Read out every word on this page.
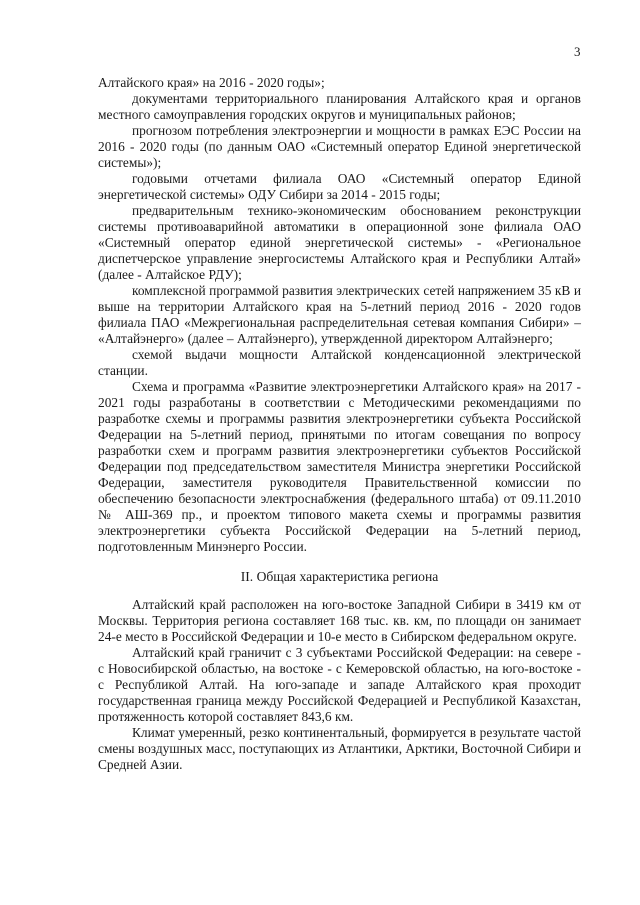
3

Алтайского края» на 2016 - 2020 годы»;

документами территориального планирования Алтайского края и органов местного самоуправления городских округов и муниципальных районов;

прогнозом потребления электроэнергии и мощности в рамках ЕЭС России на 2016 - 2020 годы (по данным ОАО «Системный оператор Единой энергетической системы»);

годовыми отчетами филиала ОАО «Системный оператор Единой энергетической системы» ОДУ Сибири за 2014 - 2015 годы;

предварительным технико-экономическим обоснованием реконструкции системы противоаварийной автоматики в операционной зоне филиала ОАО «Системный оператор единой энергетической системы» - «Региональное диспетчерское управление энергосистемы Алтайского края и Республики Алтай» (далее - Алтайское РДУ);

комплексной программой развития электрических сетей напряжением 35 кВ и выше на территории Алтайского края на 5-летний период 2016 - 2020 годов филиала ПАО «Межрегиональная распределительная сетевая компания Сибири» – «Алтайэнерго» (далее – Алтайэнерго), утвержденной директором Алтайэнерго;

схемой выдачи мощности Алтайской конденсационной электрической станции.

Схема и программа «Развитие электроэнергетики Алтайского края» на 2017 - 2021 годы разработаны в соответствии с Методическими рекомендациями по разработке схемы и программы развития электроэнергетики субъекта Российской Федерации на 5-летний период, принятыми по итогам совещания по вопросу разработки схем и программ развития электроэнергетики субъектов Российской Федерации под председательством заместителя Министра энергетики Российской Федерации, заместителя руководителя Правительственной комиссии по обеспечению безопасности электроснабжения (федерального штаба) от 09.11.2010 № АШ-369 пр., и проектом типового макета схемы и программы развития электроэнергетики субъекта Российской Федерации на 5-летний период, подготовленным Минэнерго России.

II. Общая характеристика региона

Алтайский край расположен на юго-востоке Западной Сибири в 3419 км от Москвы. Территория региона составляет 168 тыс. кв. км, по площади он занимает 24-е место в Российской Федерации и 10-е место в Сибирском федеральном округе.

Алтайский край граничит с 3 субъектами Российской Федерации: на севере - с Новосибирской областью, на востоке - с Кемеровской областью, на юго-востоке - с Республикой Алтай. На юго-западе и западе Алтайского края проходит государственная граница между Российской Федерацией и Республикой Казахстан, протяженность которой составляет 843,6 км.

Климат умеренный, резко континентальный, формируется в результате частой смены воздушных масс, поступающих из Атлантики, Арктики, Восточной Сибири и Средней Азии.
